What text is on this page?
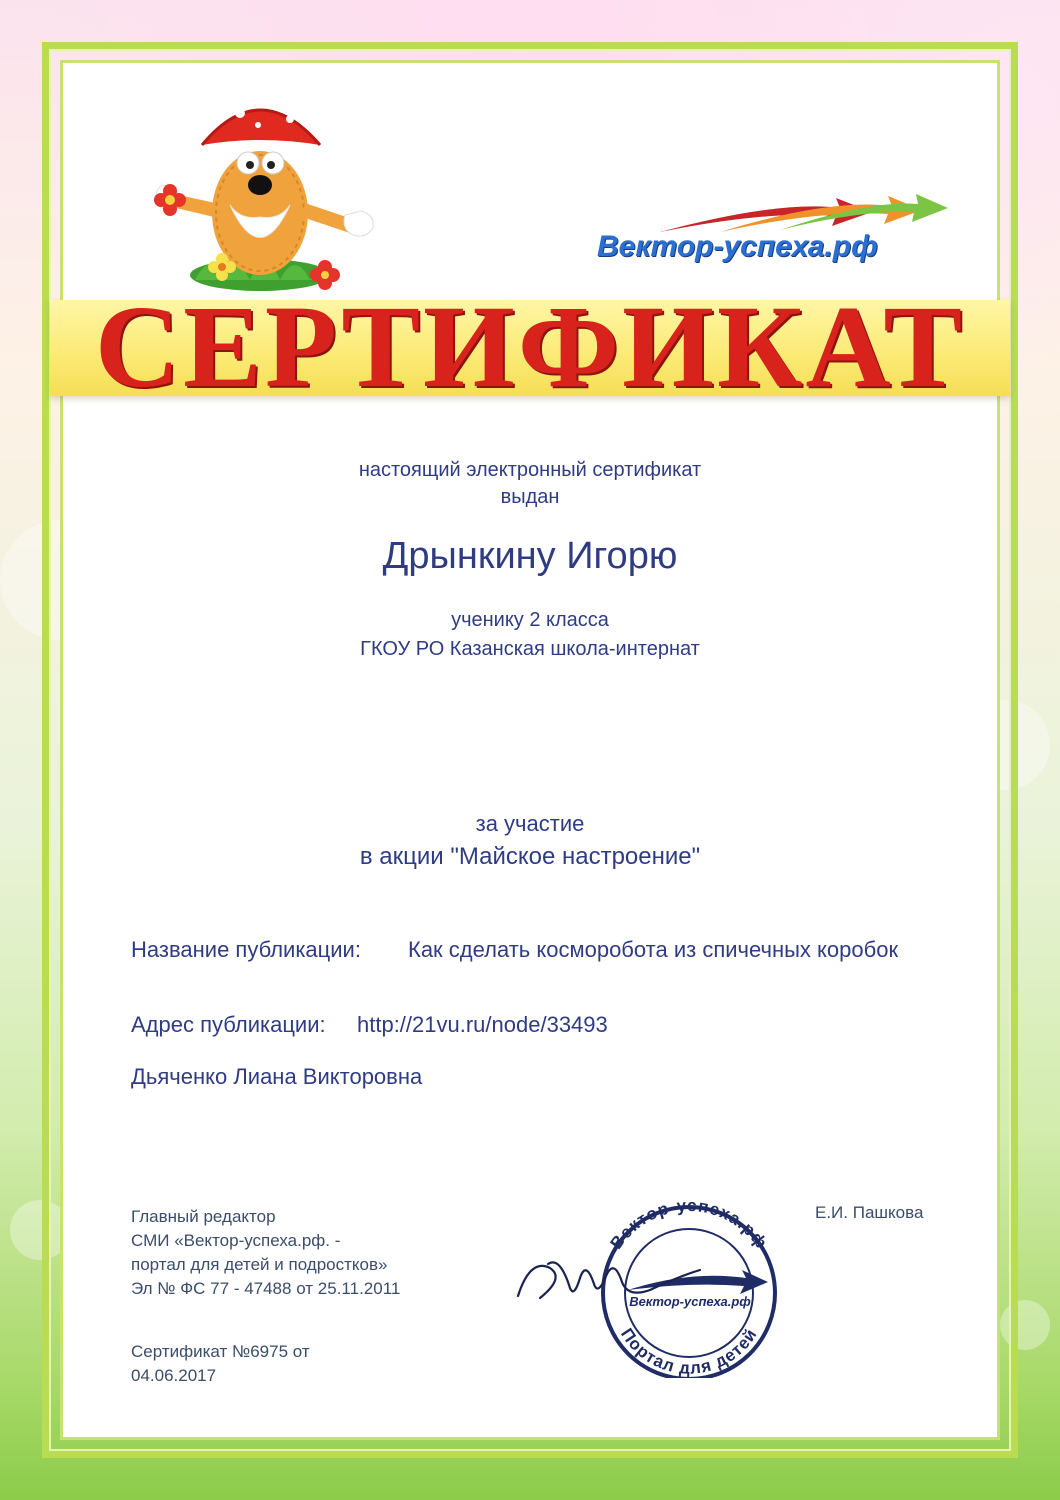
Вектор-успеха.рф
СЕРТИФИКАТ
настоящий электронный сертификат
выдан
Дрынкину Игорю
ученику 2 класса
ГКОУ РО Казанская школа-интернат
за участие
в акции "Майское настроение"
Название публикации: Как сделать косморобота из спичечных коробок
Адрес публикации: http://21vu.ru/node/33493
Дьяченко Лиана Викторовна
Главный редактор
СМИ «Вектор-успеха.рф. -
портал для детей и подростков»
Эл № ФС 77 - 47488 от 25.11.2011
Сертификат №6975 от
04.06.2017
Е.И. Пашкова
Вектор-успеха.рф
Портал для детей
Вектор-успеха.рф
